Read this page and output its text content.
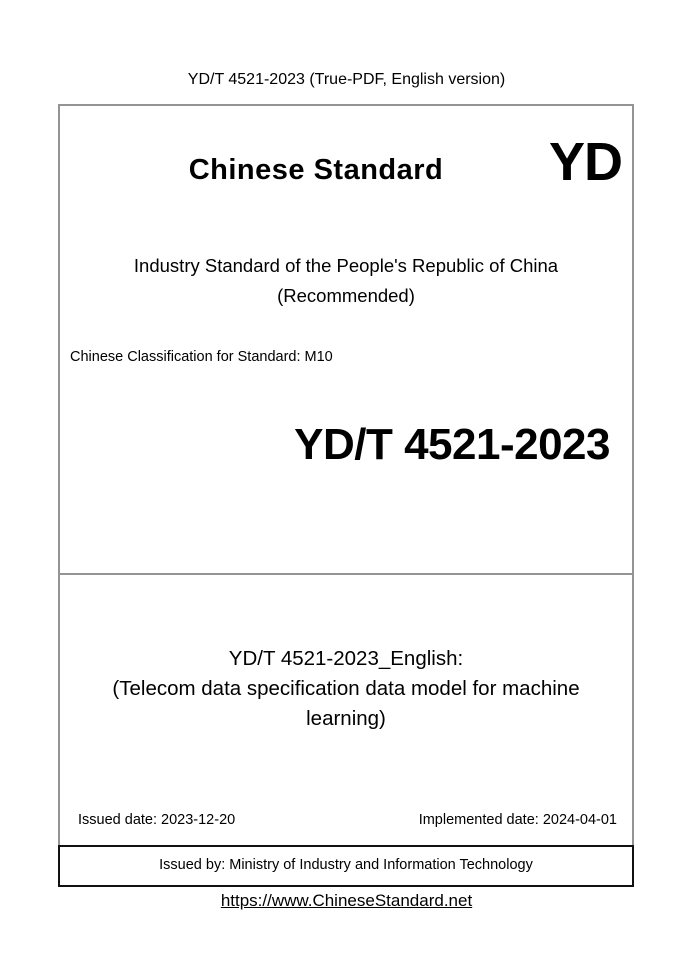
YD/T 4521-2023 (True-PDF, English version)
Chinese Standard	YD
Industry Standard of the People's Republic of China
(Recommended)
Chinese Classification for Standard: M10
YD/T 4521-2023
YD/T 4521-2023_English:
(Telecom data specification data model for machine learning)
Issued date: 2023-12-20	Implemented date: 2024-04-01
Issued by: Ministry of Industry and Information Technology
https://www.ChineseStandard.net
